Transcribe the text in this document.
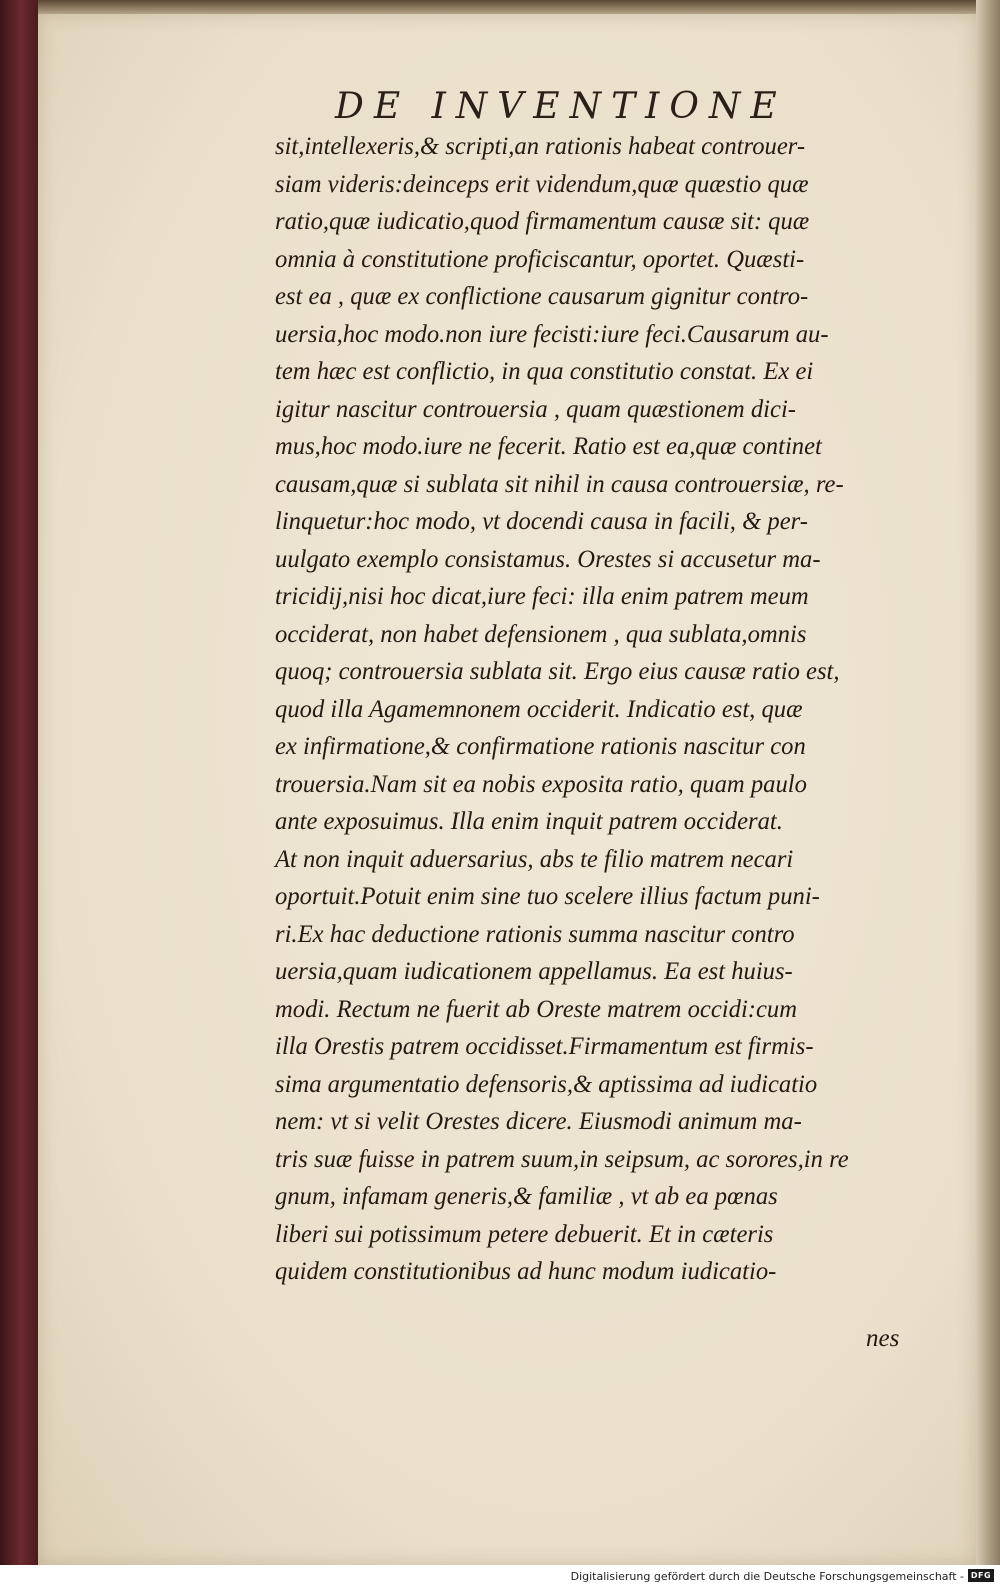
DE INVENTIONE
sit,intellexeris,& scripti,an rationis habeat controuer-
siam videris:deinceps erit videndum,quæ quæstio quæ
ratio,quæ iudicatio,quod firmamentum causæ sit: quæ
omnia à constitutione proficiscantur, oportet. Quæsti-
est ea , quæ ex conflictione causarum gignitur contro-
uersia,hoc modo.non iure fecisti:iure feci.Causarum au-
tem hæc est conflictio, in qua constitutio constat. Ex ei
igitur nascitur controuersia , quam quæstionem dici-
mus,hoc modo.iure ne fecerit. Ratio est ea,quæ continet
causam,quæ si sublata sit nihil in causa controuersiæ, re-
linquetur:hoc modo, vt docendi causa in facili, & per-
uulgato exemplo consistamus. Orestes si accusetur ma-
tricidij,nisi hoc dicat,iure feci: illa enim patrem meum
occiderat, non habet defensionem , qua sublata,omnis
quoq; controuersia sublata sit. Ergo eius causæ ratio est,
quod illa Agamemnonem occiderit. Indicatio est, quæ
ex infirmatione,& confirmatione rationis nascitur con
trouersia.Nam sit ea nobis exposita ratio, quam paulo
ante exposuimus. Illa enim inquit patrem occiderat.
At non inquit aduersarius, abs te filio matrem necari
oportuit.Potuit enim sine tuo scelere illius factum puni-
ri.Ex hac deductione rationis summa nascitur contro
uersia,quam iudicationem appellamus. Ea est huius-
modi. Rectum ne fuerit ab Oreste matrem occidi:cum
illa Orestis patrem occidisset.Firmamentum est firmis-
sima argumentatio defensoris,& aptissima ad iudicatio
nem: vt si velit Orestes dicere. Eiusmodi animum ma-
tris suæ fuisse in patrem suum,in seipsum, ac sorores,in re
gnum, infamam generis,& familiæ , vt ab ea pœnas
liberi sui potissimum petere debuerit. Et in cæteris
quidem constitutionibus ad hunc modum iudicatio-
nes
Digitalisierung gefördert durch die Deutsche Forschungsgemeinschaft - DFG
